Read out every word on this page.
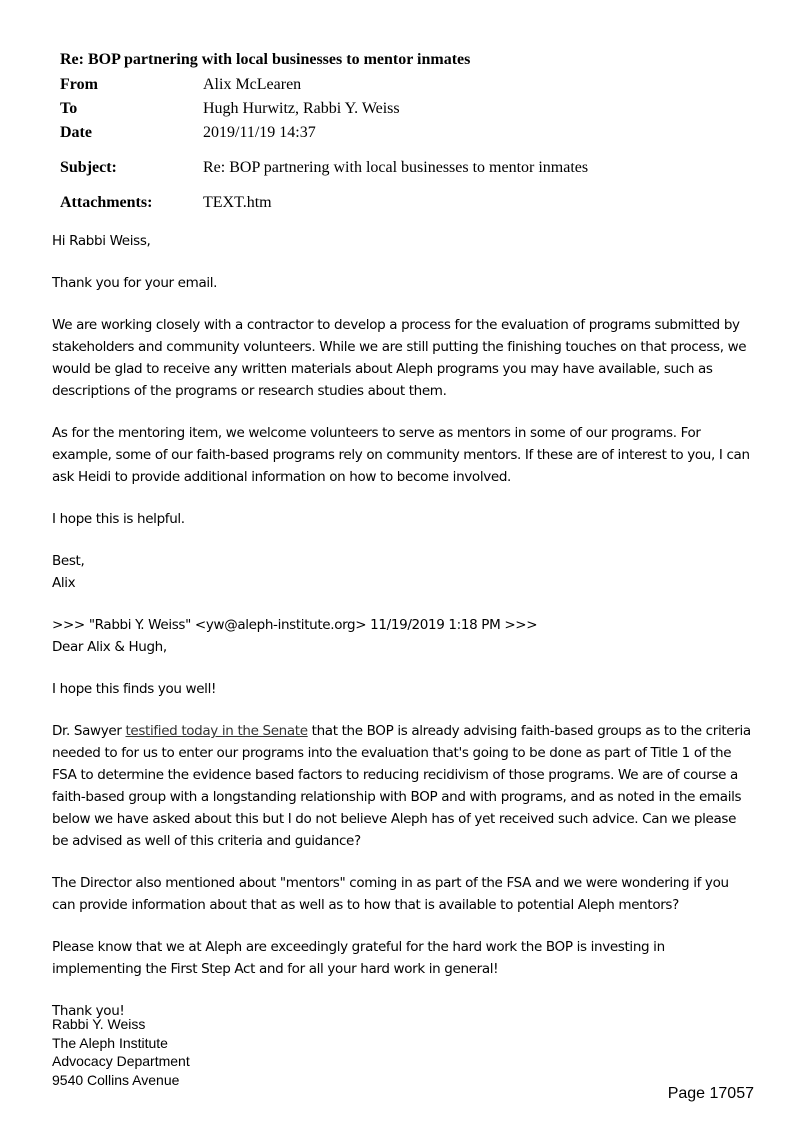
Re: BOP partnering with local businesses to mentor inmates
From	Alix McLearen
To	Hugh Hurwitz, Rabbi Y. Weiss
Date	2019/11/19 14:37
Subject:	Re: BOP partnering with local businesses to mentor inmates
Attachments:	TEXT.htm

Hi Rabbi Weiss,

Thank you for your email.

We are working closely with a contractor to develop a process for the evaluation of programs submitted by stakeholders and community volunteers. While we are still putting the finishing touches on that process, we would be glad to receive any written materials about Aleph programs you may have available, such as descriptions of the programs or research studies about them.

As for the mentoring item, we welcome volunteers to serve as mentors in some of our programs. For example, some of our faith-based programs rely on community mentors. If these are of interest to you, I can ask Heidi to provide additional information on how to become involved.

I hope this is helpful.

Best,

Alix

>>> "Rabbi Y. Weiss" <yw@aleph-institute.org> 11/19/2019 1:18 PM >>>

Dear Alix & Hugh,

I hope this finds you well!

Dr. Sawyer testified today in the Senate that the BOP is already advising faith-based groups as to the criteria needed to for us to enter our programs into the evaluation that's going to be done as part of Title 1 of the FSA to determine the evidence based factors to reducing recidivism of those programs. We are of course a faith-based group with a longstanding relationship with BOP and with programs, and as noted in the emails below we have asked about this but I do not believe Aleph has of yet received such advice. Can we please be advised as well of this criteria and guidance?

The Director also mentioned about "mentors" coming in as part of the FSA and we were wondering if you can provide information about that as well as to how that is available to potential Aleph mentors?

Please know that we at Aleph are exceedingly grateful for the hard work the BOP is investing in implementing the First Step Act and for all your hard work in general!

Thank you!

Rabbi Y. Weiss
The Aleph Institute
Advocacy Department
9540 Collins Avenue
Page 17057
